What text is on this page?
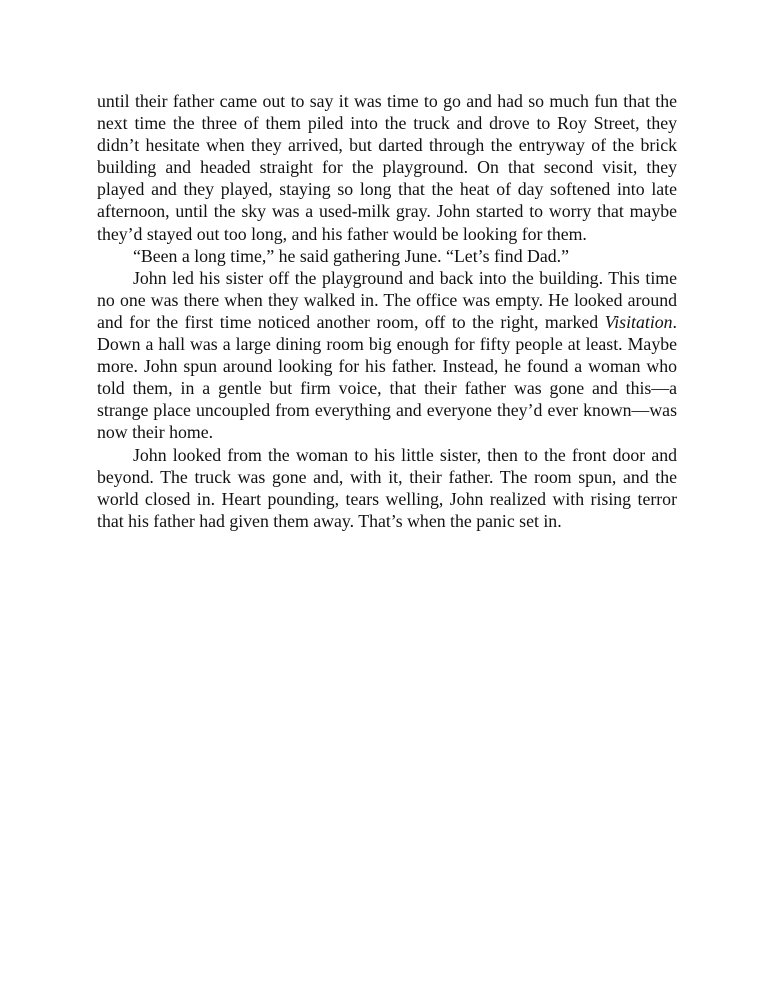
until their father came out to say it was time to go and had so much fun that the next time the three of them piled into the truck and drove to Roy Street, they didn’t hesitate when they arrived, but darted through the entryway of the brick building and headed straight for the playground. On that second visit, they played and they played, staying so long that the heat of day softened into late afternoon, until the sky was a used-milk gray. John started to worry that maybe they’d stayed out too long, and his father would be looking for them.

“Been a long time,” he said gathering June. “Let’s find Dad.”

John led his sister off the playground and back into the building. This time no one was there when they walked in. The office was empty. He looked around and for the first time noticed another room, off to the right, marked Visitation. Down a hall was a large dining room big enough for fifty people at least. Maybe more. John spun around looking for his father. Instead, he found a woman who told them, in a gentle but firm voice, that their father was gone and this—a strange place uncoupled from everything and everyone they’d ever known—was now their home.

John looked from the woman to his little sister, then to the front door and beyond. The truck was gone and, with it, their father. The room spun, and the world closed in. Heart pounding, tears welling, John realized with rising terror that his father had given them away. That’s when the panic set in.
